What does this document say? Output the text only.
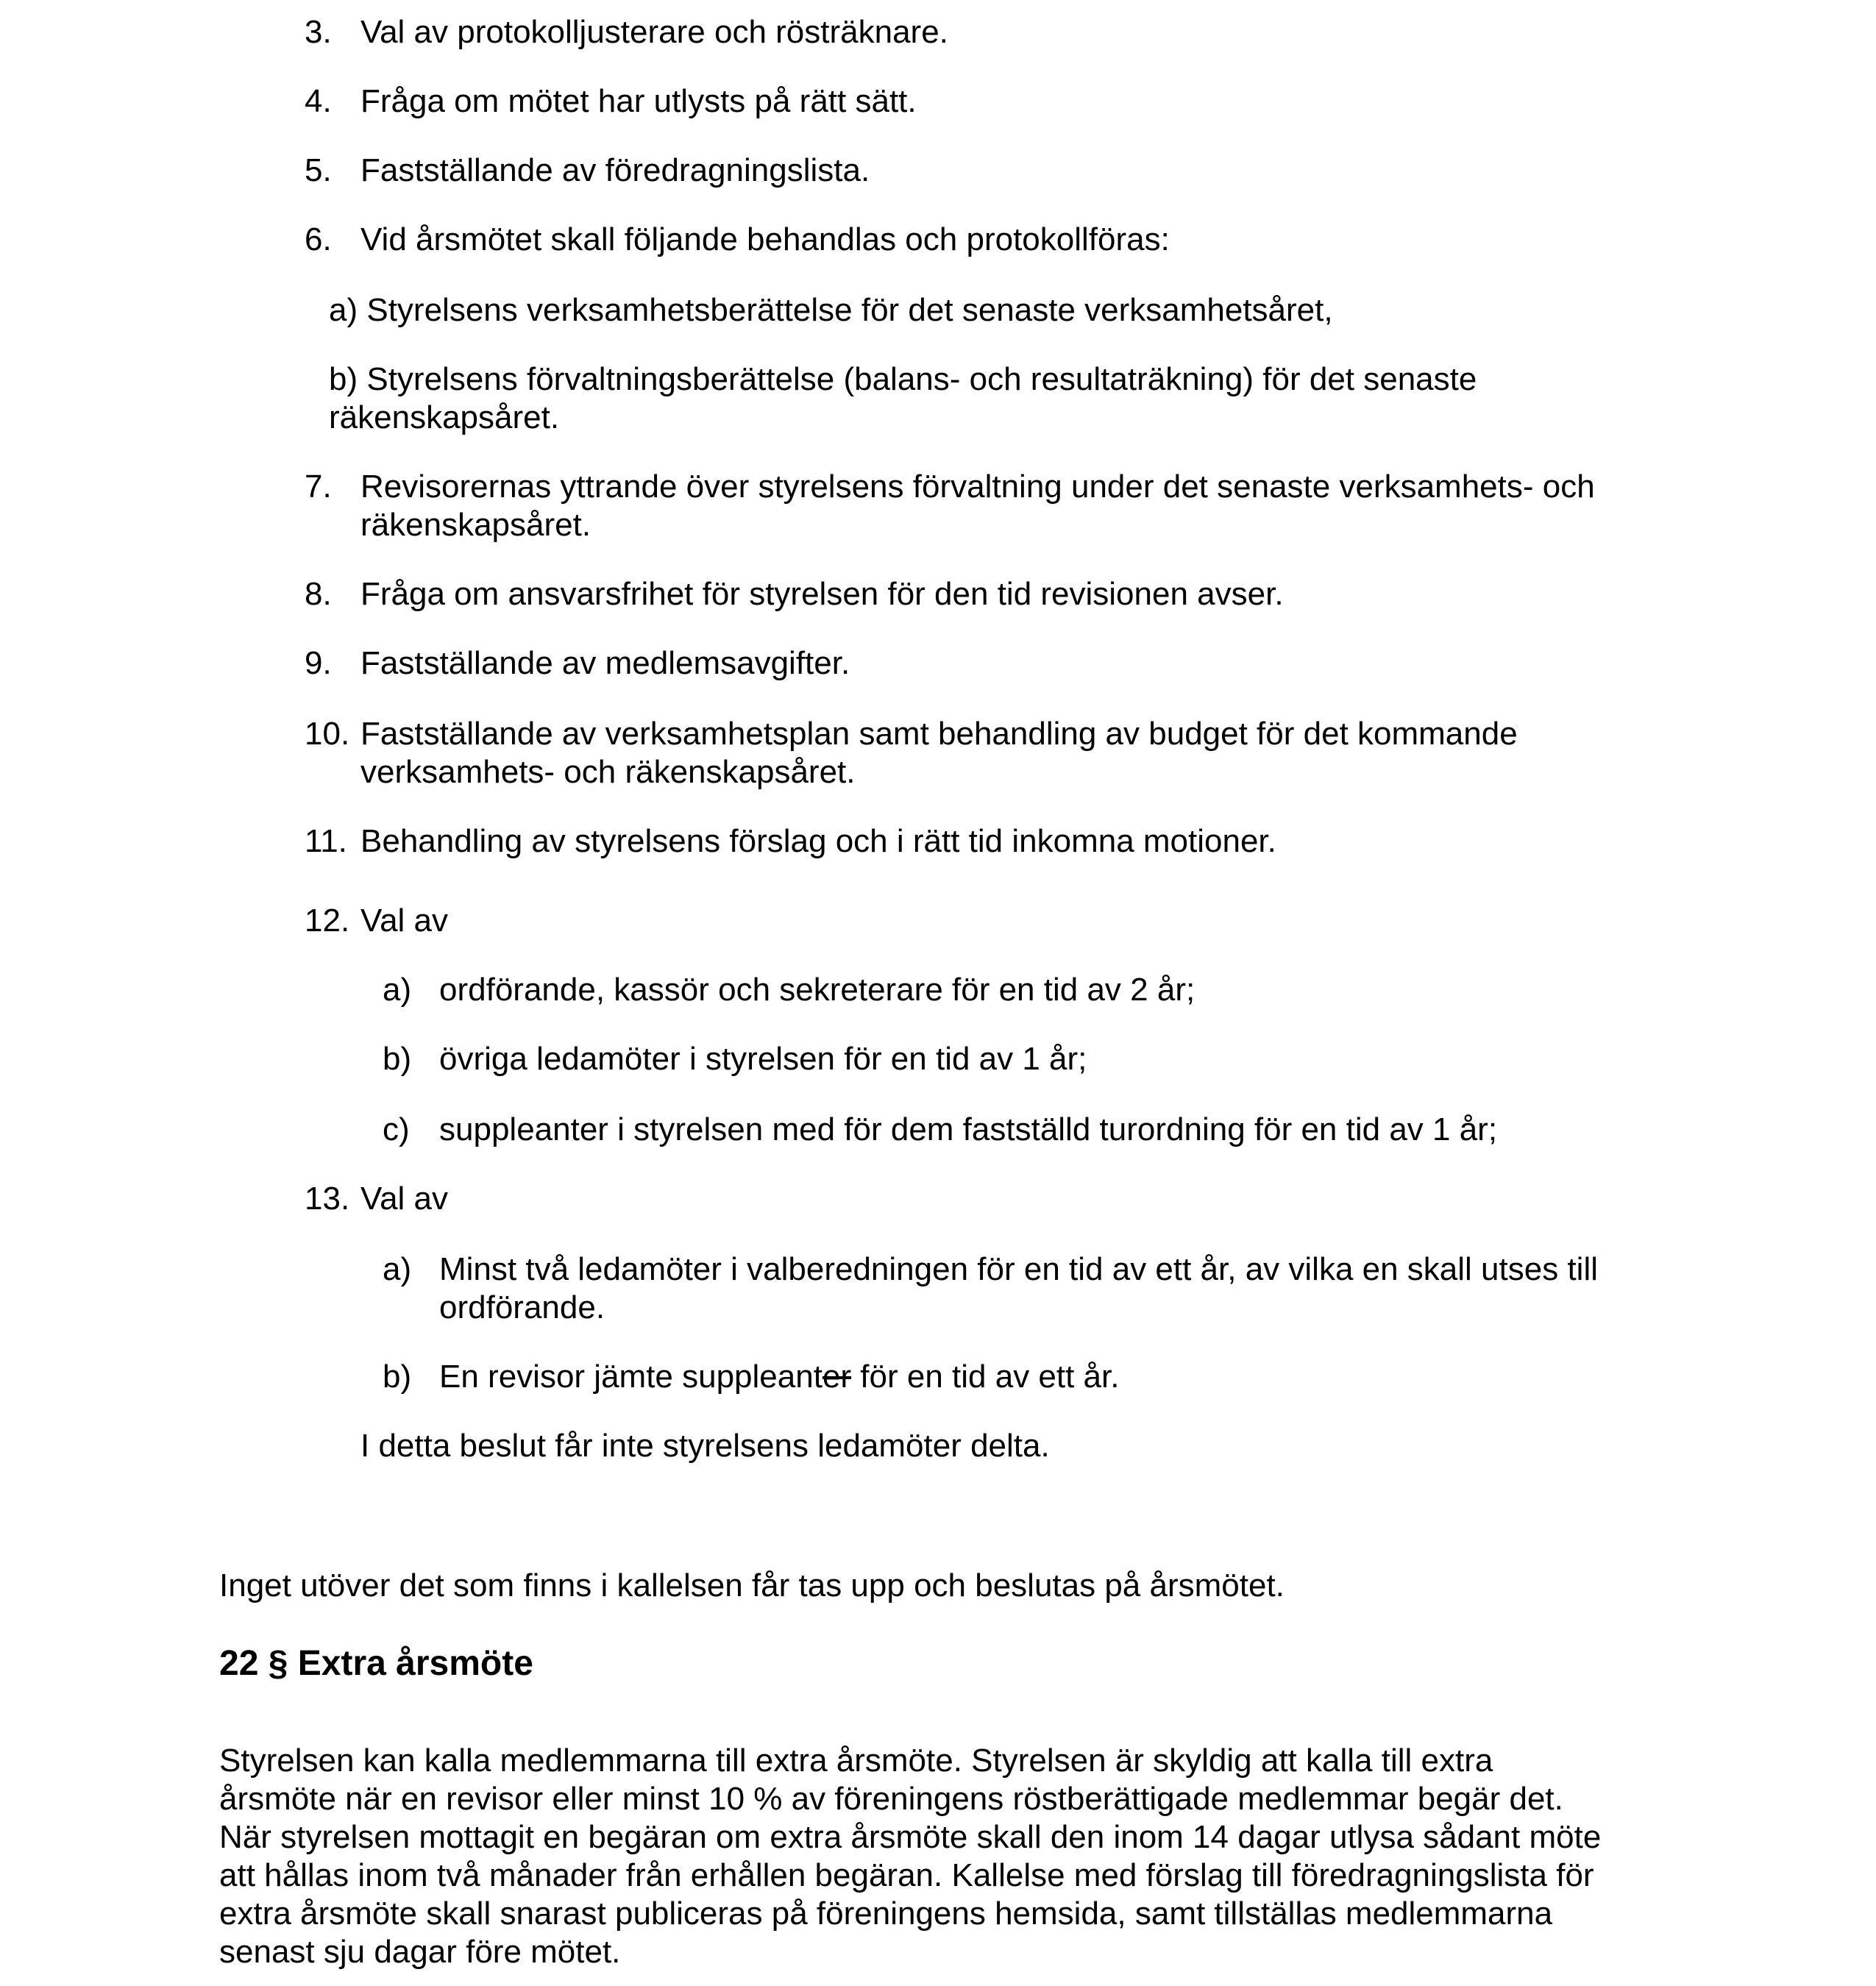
3. Val av protokolljusterare och rösträknare.
4. Fråga om mötet har utlysts på rätt sätt.
5. Fastställande av föredragningslista.
6. Vid årsmötet skall följande behandlas och protokollföras:
a) Styrelsens verksamhetsberättelse för det senaste verksamhetsåret,
b) Styrelsens förvaltningsberättelse (balans- och resultaträkning) för det senaste
räkenskapsåret.
7. Revisorernas yttrande över styrelsens förvaltning under det senaste verksamhets- och
räkenskapsåret.
8. Fråga om ansvarsfrihet för styrelsen för den tid revisionen avser.
9. Fastställande av medlemsavgifter.
10. Fastställande av verksamhetsplan samt behandling av budget för det kommande
verksamhets- och räkenskapsåret.
11. Behandling av styrelsens förslag och i rätt tid inkomna motioner.
12. Val av
a) ordförande, kassör och sekreterare för en tid av 2 år;
b) övriga ledamöter i styrelsen för en tid av 1 år;
c) suppleanter i styrelsen med för dem fastställd turordning för en tid av 1 år;
13. Val av
a) Minst två ledamöter i valberedningen för en tid av ett år, av vilka en skall utses till
ordförande.
b) En revisor jämte suppleanter för en tid av ett år.
I detta beslut får inte styrelsens ledamöter delta.
Inget utöver det som finns i kallelsen får tas upp och beslutas på årsmötet.
22 § Extra årsmöte
Styrelsen kan kalla medlemmarna till extra årsmöte. Styrelsen är skyldig att kalla till extra
årsmöte när en revisor eller minst 10 % av föreningens röstberättigade medlemmar begär det.
När styrelsen mottagit en begäran om extra årsmöte skall den inom 14 dagar utlysa sådant möte
att hållas inom två månader från erhållen begäran. Kallelse med förslag till föredragningslista för
extra årsmöte skall snarast publiceras på föreningens hemsida, samt tillställas medlemmarna
senast sju dagar före mötet.
